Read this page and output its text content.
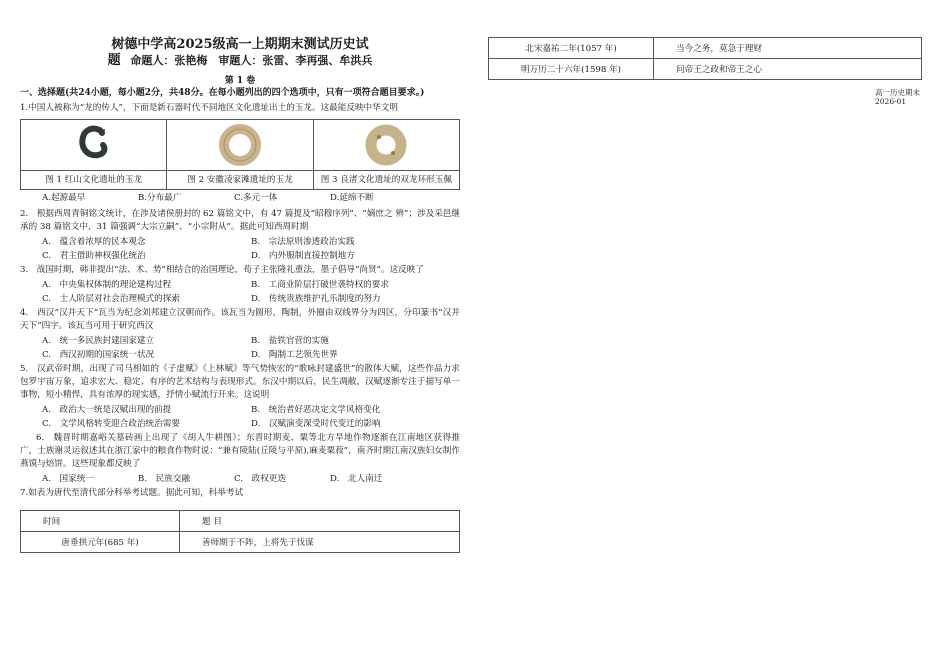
树德中学高2025级高一上期期末测试历史试
题 命题人：张艳梅　审题人：张雷、李再强、牟洪兵
第 1 卷
一、选择题(共24小题，每小题2分，共48分。在每小题列出的四个选项中，只有一项符合题目要求。)

1.中国人被称为“龙的传人”，下面是新石器时代不同地区文化遗址出土的玉龙。这最能反映中华文明

图 1 红山文化遗址的玉龙	图 2 安徽凌家滩遗址的玉龙	图 3 良渚文化遗址的双龙环形玉佩
A.起源最早	B.分布最广	C.多元一体	D.延绵不断

2.　根据西周青铜铭文统计，在涉及诸侯册封的 62 篇铭文中，有 47 篇提及“昭穆序列”、“嫡庶之 辨”；涉及采邑继承的 38 篇铭文中，31 篇强调“大宗立嗣”、“小宗附从”。据此可知西周时期

A.　蕴含着浓厚的民本观念	B.　宗法原则渗透政治实践
C.　君主借助神权强化统治	D.　内外服制直接控制地方

3.　战国时期，韩非提出“法、术、势”相结合的治国理论，荀子主张隆礼重法，墨子倡导“尚贤”。这反映了

A.　中央集权体制的理论建构过程	B.　工商业阶层打破世袭特权的要求
C.　士人阶层对社会治理模式的探索	D.　传统贵族维护礼乐制度的努力

4.　西汉“汉并天下”瓦当为纪念刘邦建立汉朝而作。该瓦当为圆形，陶制，外圈由双线界分为四区，分印篆书“汉并天下”四字。该瓦当可用于研究西汉

A.　统一多民族封建国家建立	B.　盐铁官营的实施
C.　西汉初期的国家统一状况	D.　陶制工艺领先世界

5.　汉武帝时期，出现了司马相如的《子虚赋》《上林赋》等气势恢宏的“歌咏封建盛世”的散体大赋，这些作品力求包罗宇宙万象，追求宏大、稳定、有序的艺术结构与表现形式。东汉中期以后，民生凋敝，汉赋逐渐专注于描写单一事物，短小精悍，具有浓厚的现实感，抒情小赋流行开来。这说明

A.　政治大一统是汉赋出现的前提	B.　统治者好恶决定文学风格变化
C.　文学风格转变迎合政治统治需要	D.　汉赋演变深受时代变迁的影响

6.　魏晋时期嘉峪关墓砖画上出现了《胡人牛耕图》；东晋时期麦、粟等北方旱地作物逐渐在江南地区获得推广，士族谢灵运叙述其在浙江家中的粮食作物时说：“兼有陵陆(丘陵与平原),麻麦粟菽”，南齐时期江南汉族妇女制作燕馍与焙饼。这些现象都反映了

A.　国家统一	B.　民族交融	C.　政权更迭	D.　北人南迁

7.如表为唐代至清代部分科举考试题。据此可知，科举考试

时间	题 目
唐垂拱元年(685 年)	善师期于不阵，上将先于伐谋
北宋嘉祐二年(1057 年)	当今之务，莫急于理财
明万历二十六年(1598 年)	问帝王之政和帝王之心
高一历史期末
2026-01
